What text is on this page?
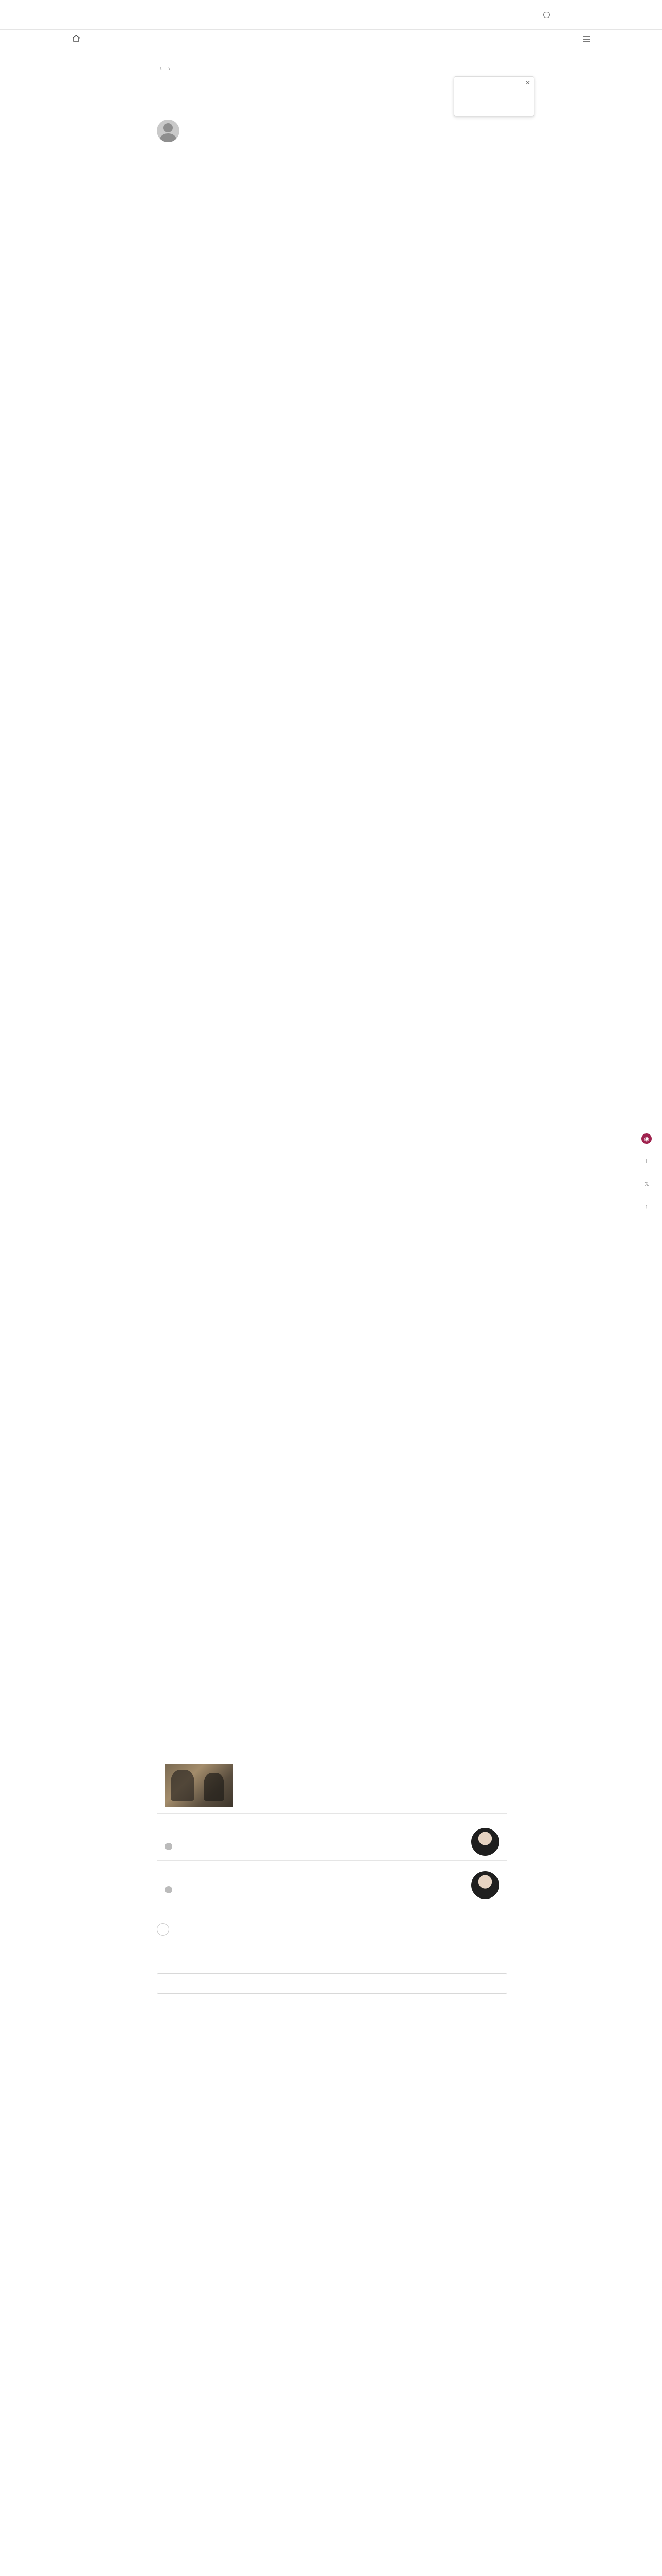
› ›
✕
◉
f
𝕏
↑
